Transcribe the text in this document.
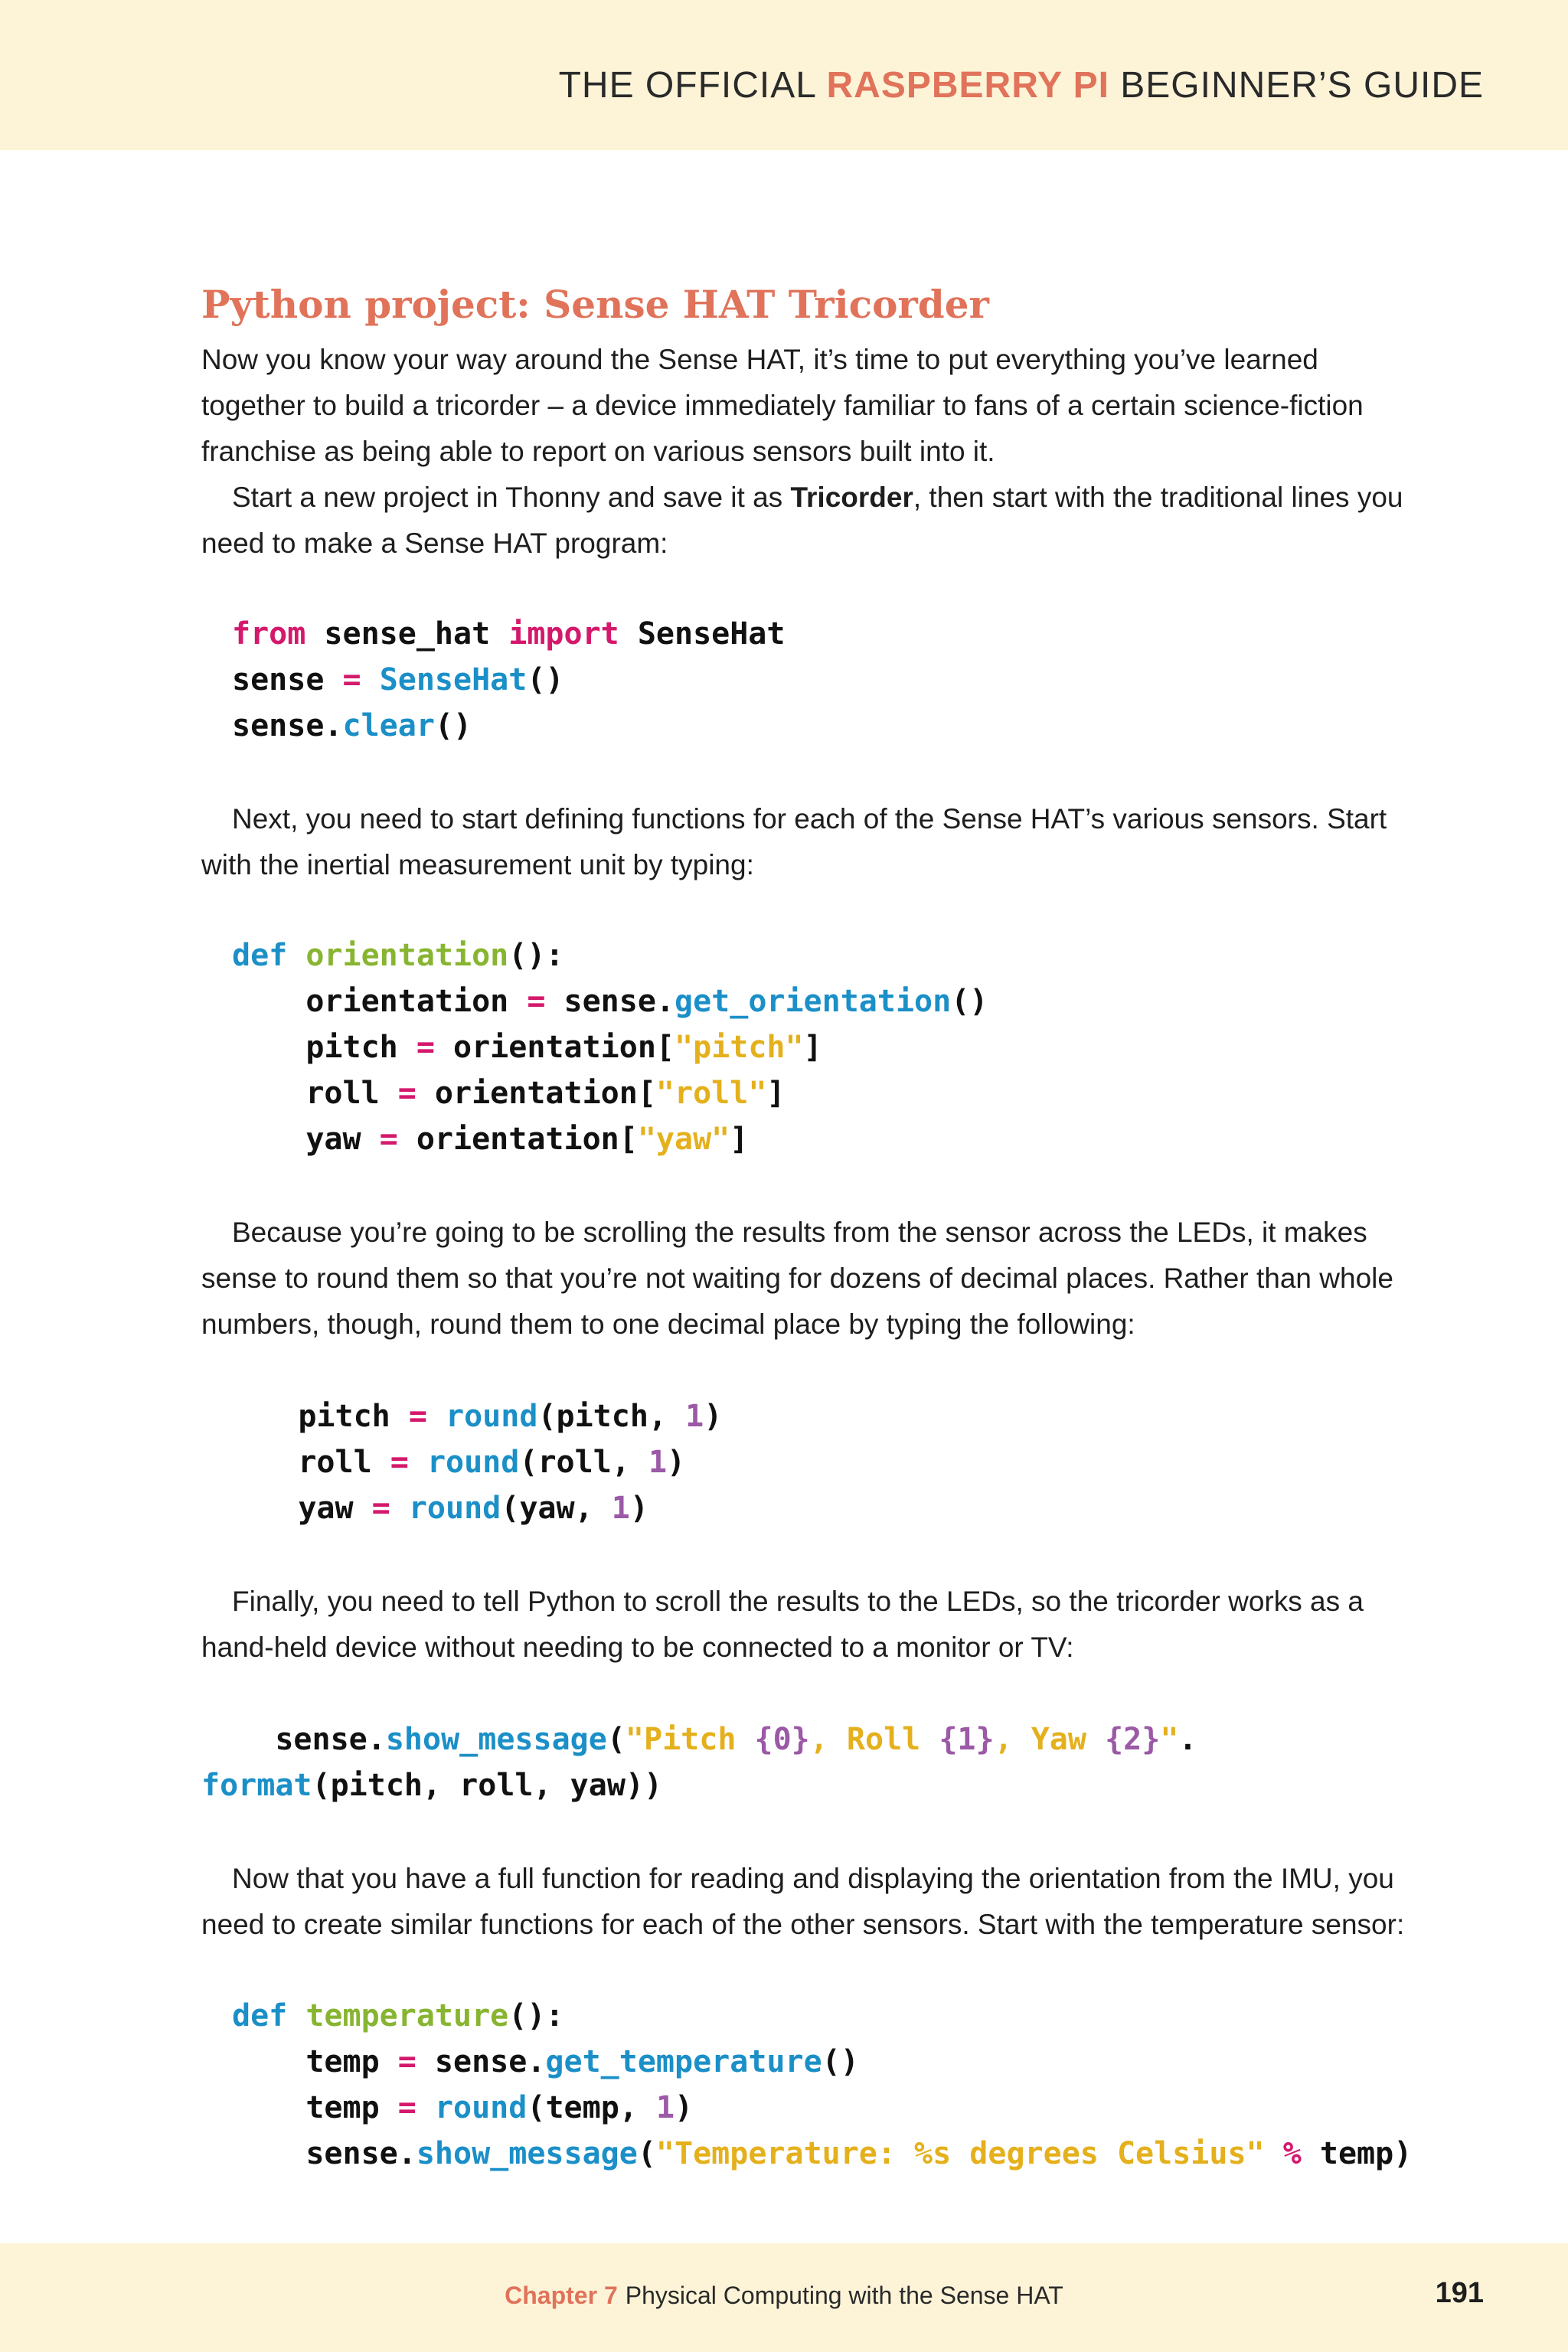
THE OFFICIAL RASPBERRY PI BEGINNER’S GUIDE
Python project: Sense HAT Tricorder

Now you know your way around the Sense HAT, it’s time to put everything you’ve learned together to build a tricorder – a device immediately familiar to fans of a certain science-fiction franchise as being able to report on various sensors built into it.

Start a new project in Thonny and save it as Tricorder, then start with the traditional lines you need to make a Sense HAT program:

from sense_hat import SenseHat
sense = SenseHat()
sense.clear()

Next, you need to start defining functions for each of the Sense HAT’s various sensors. Start with the inertial measurement unit by typing:

def orientation():
orientation = sense.get_orientation()
pitch = orientation["pitch"]
roll = orientation["roll"]
yaw = orientation["yaw"]

Because you’re going to be scrolling the results from the sensor across the LEDs, it makes sense to round them so that you’re not waiting for dozens of decimal places. Rather than whole numbers, though, round them to one decimal place by typing the following:

pitch = round(pitch, 1)
roll = round(roll, 1)
yaw = round(yaw, 1)

Finally, you need to tell Python to scroll the results to the LEDs, so the tricorder works as a hand-held device without needing to be connected to a monitor or TV:

sense.show_message("Pitch {0}, Roll {1}, Yaw {2}".
format(pitch, roll, yaw))

Now that you have a full function for reading and displaying the orientation from the IMU, you need to create similar functions for each of the other sensors. Start with the temperature sensor:

def temperature():
temp = sense.get_temperature()
temp = round(temp, 1)
sense.show_message("Temperature: %s degrees Celsius" % temp)
Chapter 7 Physical Computing with the Sense HAT	191
